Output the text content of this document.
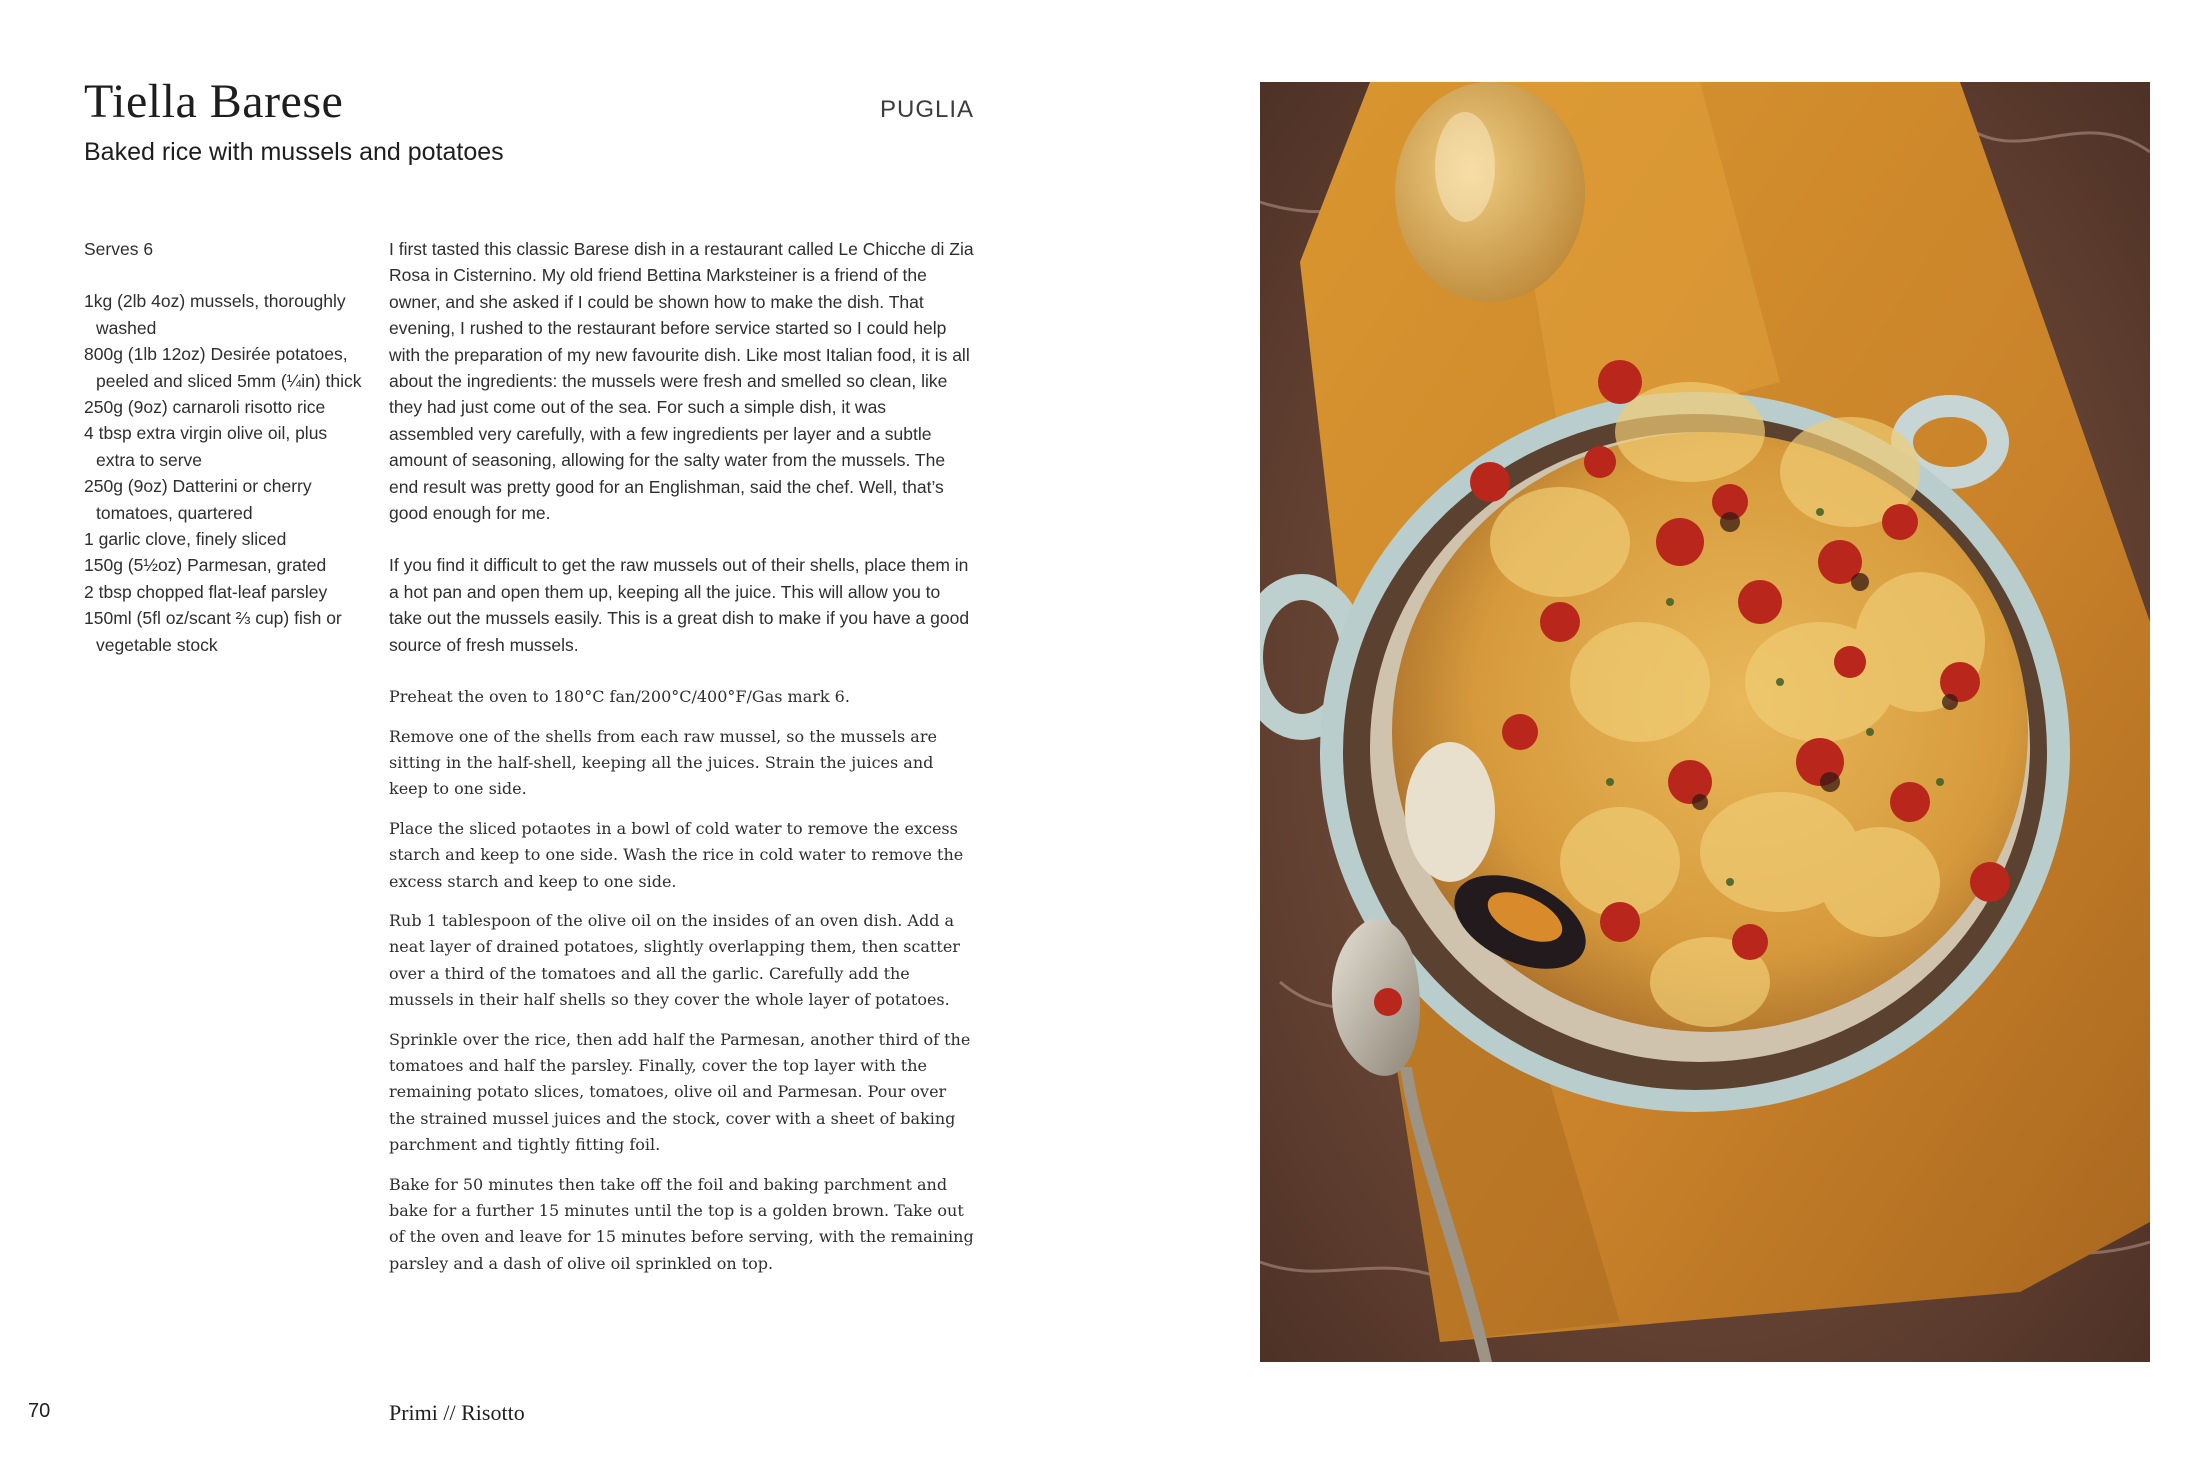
Tiella Barese	PUGLIA
Baked rice with mussels and potatoes
Serves 6
1kg (2lb 4oz) mussels, thoroughly washed
800g (1lb 12oz) Desirée potatoes, peeled and sliced 5mm (¼in) thick
250g (9oz) carnaroli risotto rice
4 tbsp extra virgin olive oil, plus extra to serve
250g (9oz) Datterini or cherry tomatoes, quartered
1 garlic clove, finely sliced
150g (5½oz) Parmesan, grated
2 tbsp chopped flat-leaf parsley
150ml (5fl oz/scant ⅔ cup) fish or vegetable stock

I first tasted this classic Barese dish in a restaurant called Le Chicche di Zia Rosa in Cisternino. My old friend Bettina Marksteiner is a friend of the owner, and she asked if I could be shown how to make the dish. That evening, I rushed to the restaurant before service started so I could help with the preparation of my new favourite dish. Like most Italian food, it is all about the ingredients: the mussels were fresh and smelled so clean, like they had just come out of the sea. For such a simple dish, it was assembled very carefully, with a few ingredients per layer and a subtle amount of seasoning, allowing for the salty water from the mussels. The end result was pretty good for an Englishman, said the chef. Well, that’s good enough for me.

If you find it difficult to get the raw mussels out of their shells, place them in a hot pan and open them up, keeping all the juice. This will allow you to take out the mussels easily. This is a great dish to make if you have a good source of fresh mussels.

Preheat the oven to 180°C fan/200°C/400°F/Gas mark 6.

Remove one of the shells from each raw mussel, so the mussels are sitting in the half-shell, keeping all the juices. Strain the juices and keep to one side.

Place the sliced potaotes in a bowl of cold water to remove the excess starch and keep to one side. Wash the rice in cold water to remove the excess starch and keep to one side.

Rub 1 tablespoon of the olive oil on the insides of an oven dish. Add a neat layer of drained potatoes, slightly overlapping them, then scatter over a third of the tomatoes and all the garlic. Carefully add the mussels in their half shells so they cover the whole layer of potatoes.

Sprinkle over the rice, then add half the Parmesan, another third of the tomatoes and half the parsley. Finally, cover the top layer with the remaining potato slices, tomatoes, olive oil and Parmesan. Pour over the strained mussel juices and the stock, cover with a sheet of baking parchment and tightly fitting foil.

Bake for 50 minutes then take off the foil and baking parchment and bake for a further 15 minutes until the top is a golden brown. Take out of the oven and leave for 15 minutes before serving, with the remaining parsley and a dash of olive oil sprinkled on top.

70	Primi // Risotto
